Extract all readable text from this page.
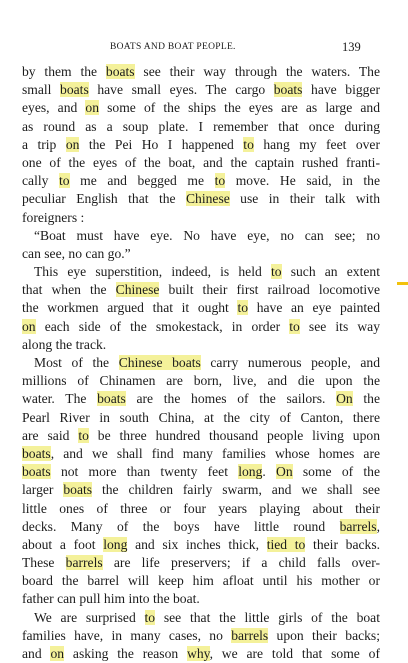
BOATS AND BOAT PEOPLE.	139
by them the boats see their way through the waters. The
small boats have small eyes. The cargo boats have bigger
eyes, and on some of the ships the eyes are as large and
as round as a soup plate. I remember that once during
a trip on the Pei Ho I happened to hang my feet over
one of the eyes of the boat, and the captain rushed franti-
cally to me and begged me to move. He said, in the
peculiar English that the Chinese use in their talk with
foreigners :
“Boat must have eye. No have eye, no can see; no
can see, no can go.”
This eye superstition, indeed, is held to such an extent
that when the Chinese built their first railroad locomotive
the workmen argued that it ought to have an eye painted
on each side of the smokestack, in order to see its way
along the track.
Most of the Chinese boats carry numerous people, and
millions of Chinamen are born, live, and die upon the
water. The boats are the homes of the sailors. On the
Pearl River in south China, at the city of Canton, there
are said to be three hundred thousand people living upon
boats, and we shall find many families whose homes are
boats not more than twenty feet long. On some of the
larger boats the children fairly swarm, and we shall see
little ones of three or four years playing about their
decks. Many of the boys have little round barrels,
about a foot long and six inches thick, tied to their backs.
These barrels are life preservers; if a child falls over-
board the barrel will keep him afloat until his mother or
father can pull him into the boat.
We are surprised to see that the little girls of the boat
families have, in many cases, no barrels upon their backs;
and on asking the reason why, we are told that some of
